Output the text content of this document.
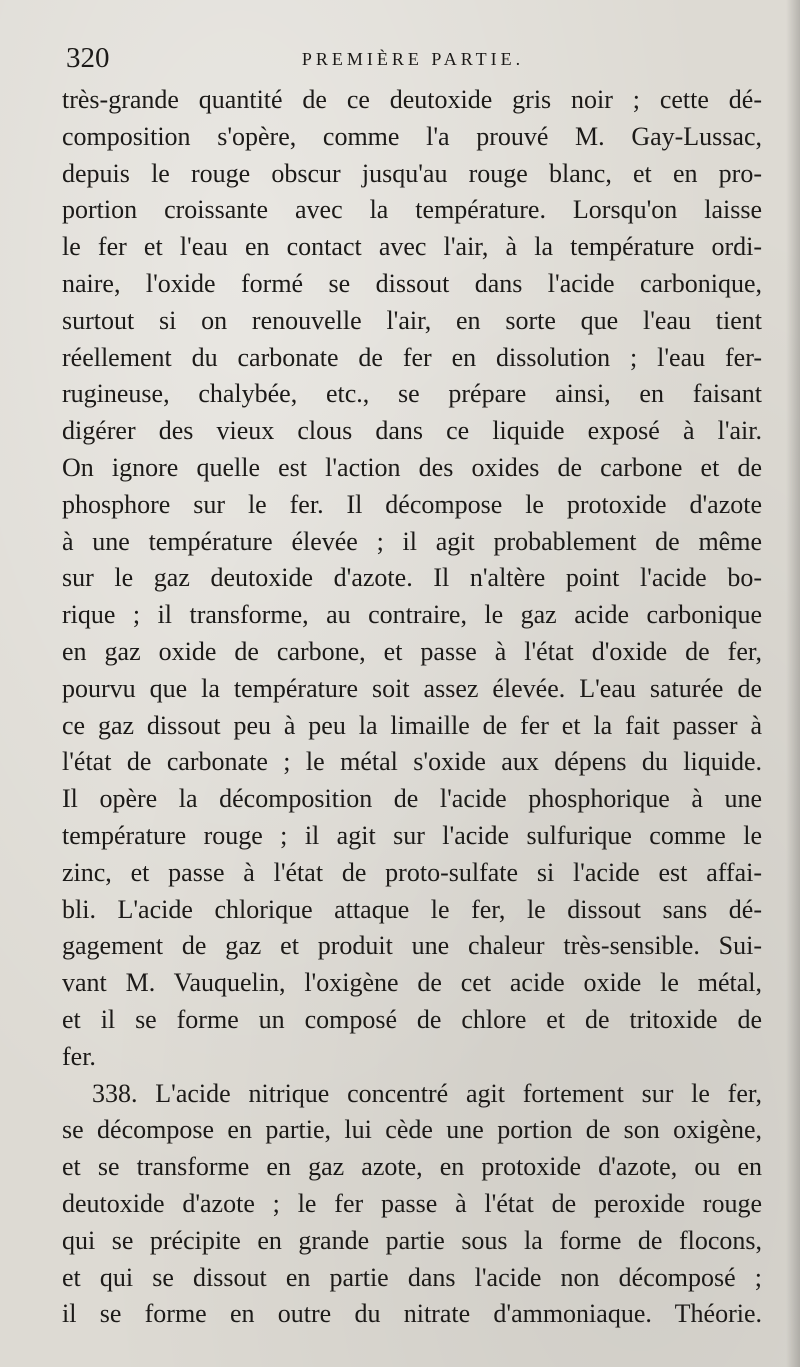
320	PREMIÈRE PARTIE.
très-grande quantité de ce deutoxide gris noir ; cette dé-
composition s'opère, comme l'a prouvé M. Gay-Lussac,
depuis le rouge obscur jusqu'au rouge blanc, et en pro-
portion croissante avec la température. Lorsqu'on laisse
le fer et l'eau en contact avec l'air, à la température ordi-
naire, l'oxide formé se dissout dans l'acide carbonique,
surtout si on renouvelle l'air, en sorte que l'eau tient
réellement du carbonate de fer en dissolution ; l'eau fer-
rugineuse, chalybée, etc., se prépare ainsi, en faisant
digérer des vieux clous dans ce liquide exposé à l'air.
On ignore quelle est l'action des oxides de carbone et de
phosphore sur le fer. Il décompose le protoxide d'azote
à une température élevée ; il agit probablement de même
sur le gaz deutoxide d'azote. Il n'altère point l'acide bo-
rique ; il transforme, au contraire, le gaz acide carbonique
en gaz oxide de carbone, et passe à l'état d'oxide de fer,
pourvu que la température soit assez élevée. L'eau saturée de
ce gaz dissout peu à peu la limaille de fer et la fait passer à
l'état de carbonate ; le métal s'oxide aux dépens du liquide.
Il opère la décomposition de l'acide phosphorique à une
température rouge ; il agit sur l'acide sulfurique comme le
zinc, et passe à l'état de proto-sulfate si l'acide est affai-
bli. L'acide chlorique attaque le fer, le dissout sans dé-
gagement de gaz et produit une chaleur très-sensible. Sui-
vant M. Vauquelin, l'oxigène de cet acide oxide le métal,
et il se forme un composé de chlore et de tritoxide de
fer.
338. L'acide nitrique concentré agit fortement sur le fer,
se décompose en partie, lui cède une portion de son oxigène,
et se transforme en gaz azote, en protoxide d'azote, ou en
deutoxide d'azote ; le fer passe à l'état de peroxide rouge
qui se précipite en grande partie sous la forme de flocons,
et qui se dissout en partie dans l'acide non décomposé ;
il se forme en outre du nitrate d'ammoniaque. Théorie.
